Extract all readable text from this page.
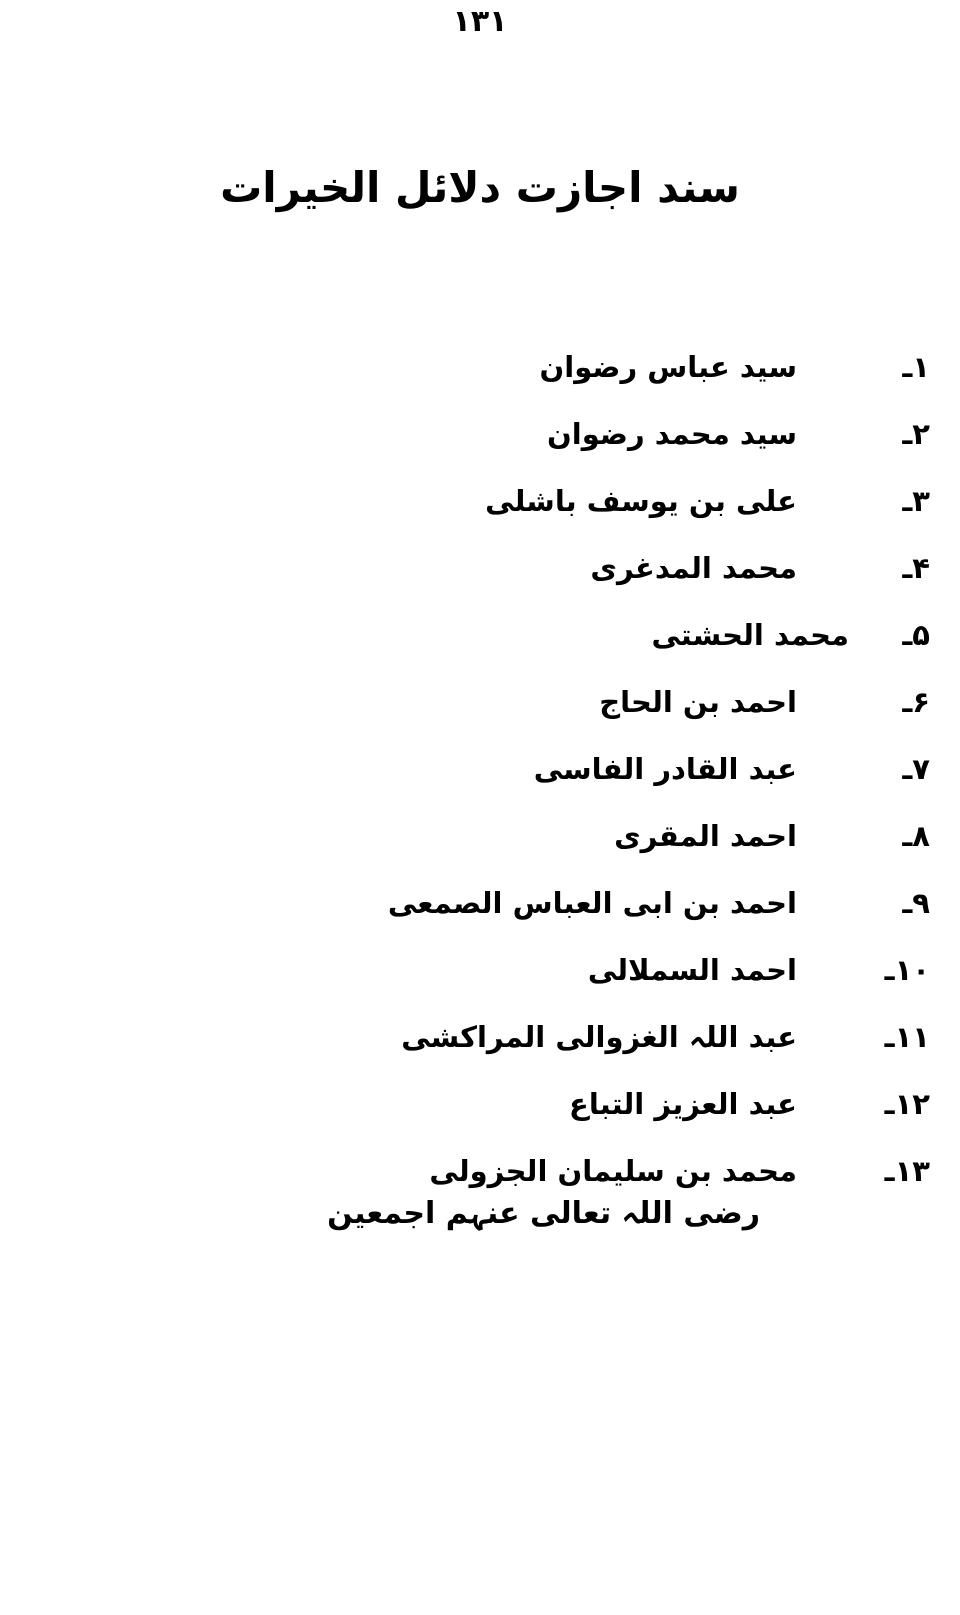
۱۳۱
سند اجازت دلائل الخیرات
۱ـ
سید عباس رضوان
۲ـ
سید محمد رضوان
۳ـ
علی بن یوسف باشلی
۴ـ
محمد المدغری
۵ـ
محمد الحشتی
۶ـ
احمد بن الحاج
۷ـ
عبد القادر الفاسی
۸ـ
احمد المقری
۹ـ
احمد بن ابی العباس الصمعی
۱۰ـ
احمد السملالی
۱۱ـ
عبد اللہ الغزوالی المراکشی
۱۲ـ
عبد العزیز التباع
۱۳ـ
محمد بن سلیمان الجزولی
رضی اللہ تعالی عنہم اجمعین
